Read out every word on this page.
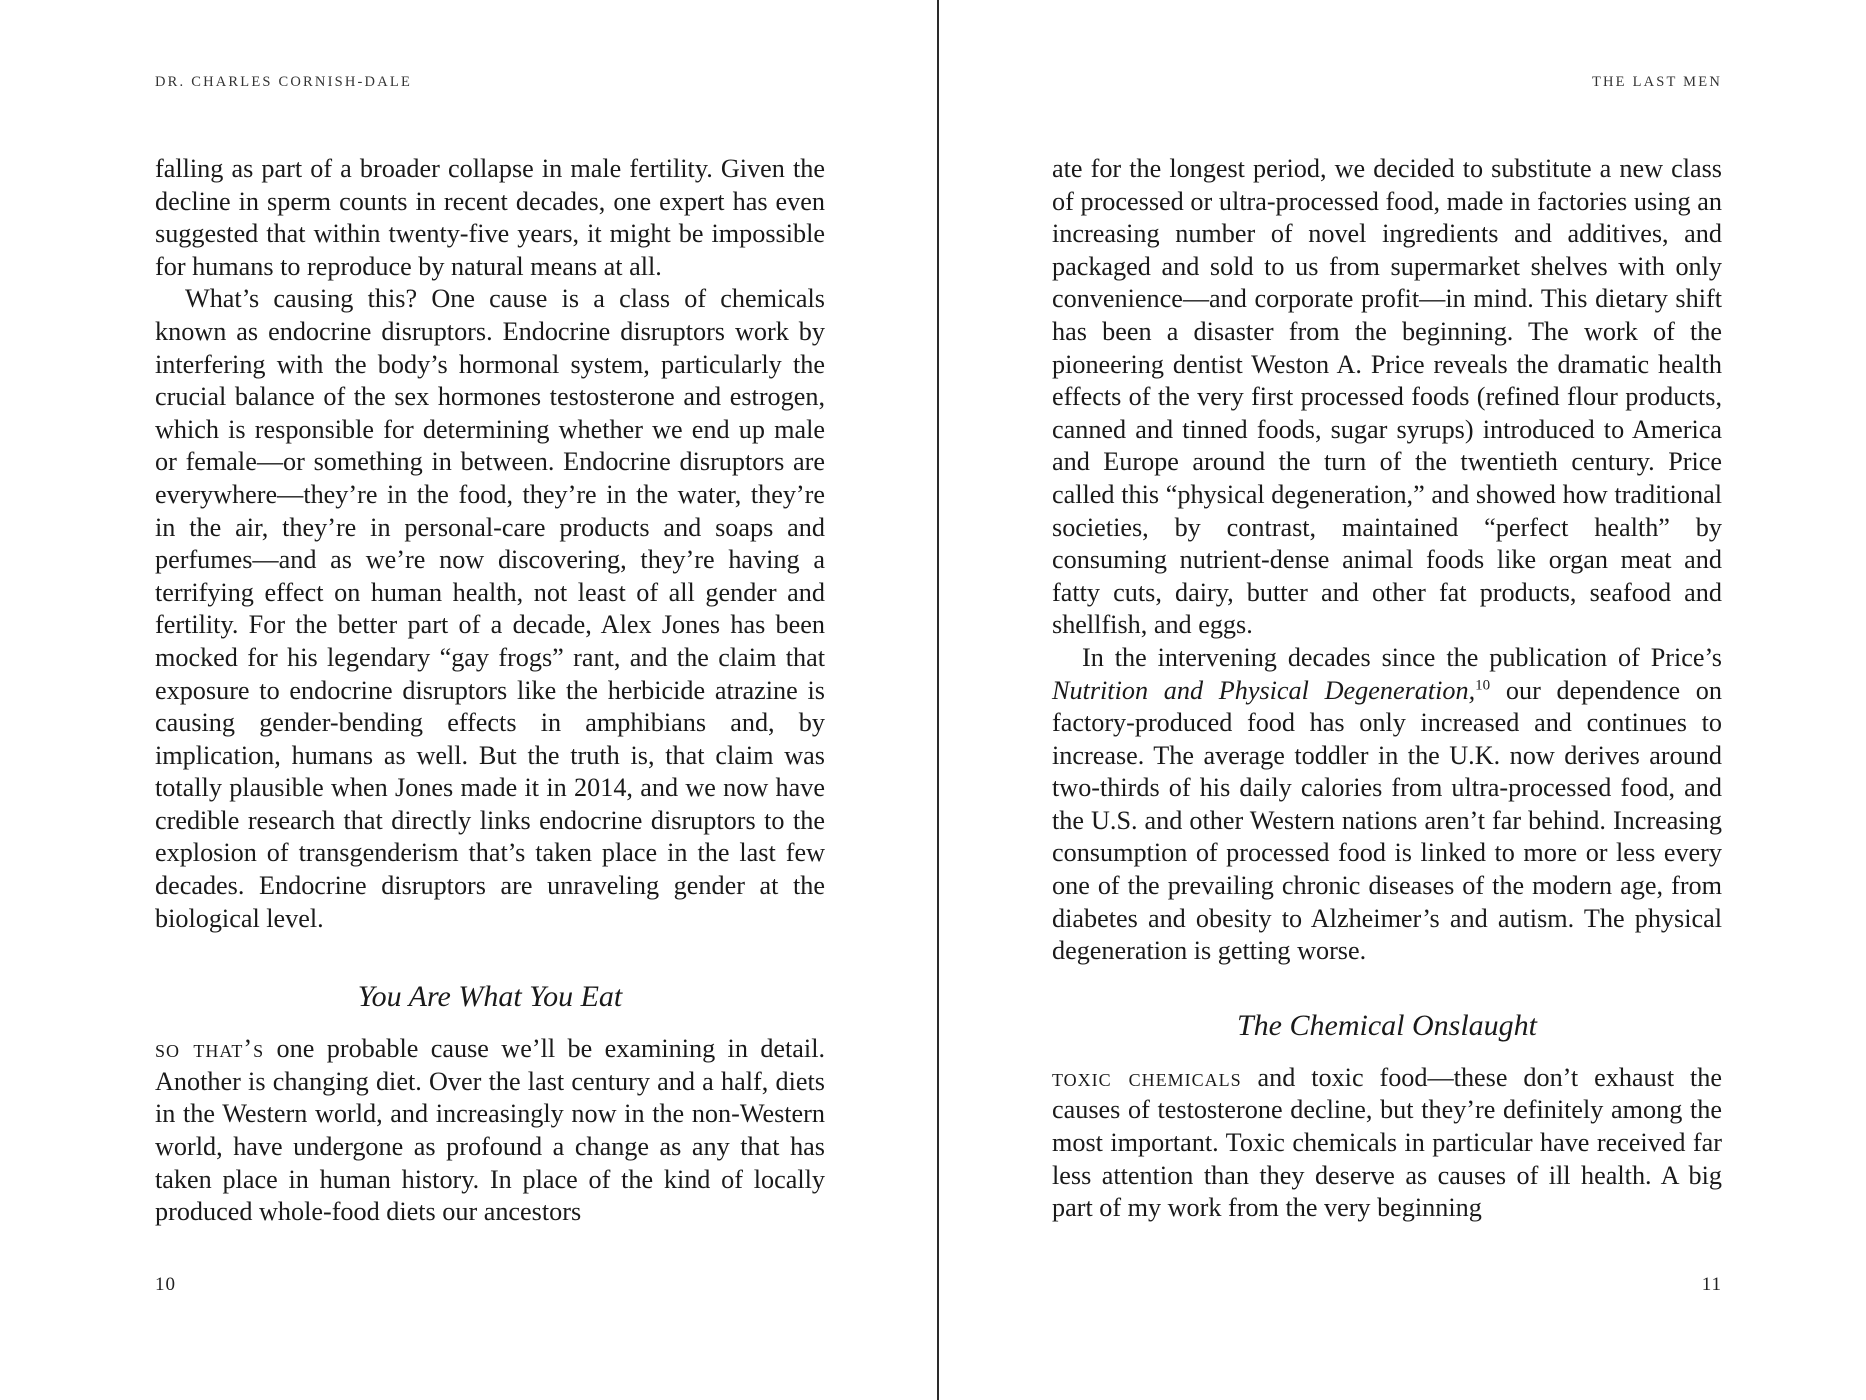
DR. CHARLES CORNISH-DALE

falling as part of a broader collapse in male fertility. Given the decline in sperm counts in recent decades, one expert has even suggested that within twenty-five years, it might be impossible for humans to reproduce by natural means at all.

What’s causing this? One cause is a class of chemicals known as endocrine disruptors. Endocrine disruptors work by interfering with the body’s hormonal system, particularly the crucial balance of the sex hormones testosterone and estrogen, which is responsible for determining whether we end up male or female—or something in between. Endocrine disruptors are everywhere—they’re in the food, they’re in the water, they’re in the air, they’re in personal-care products and soaps and perfumes—and as we’re now discovering, they’re having a terrifying effect on human health, not least of all gender and fertility. For the better part of a decade, Alex Jones has been mocked for his legendary “gay frogs” rant, and the claim that exposure to endocrine disruptors like the herbicide atrazine is causing gender-bending effects in amphibians and, by implication, humans as well. But the truth is, that claim was totally plausible when Jones made it in 2014, and we now have credible research that directly links endocrine disruptors to the explosion of transgenderism that’s taken place in the last few decades. Endocrine disruptors are unraveling gender at the biological level.

You Are What You Eat

so that’s one probable cause we’ll be examining in detail. Another is changing diet. Over the last century and a half, diets in the Western world, and increasingly now in the non-Western world, have undergone as profound a change as any that has taken place in human history. In place of the kind of locally produced whole-food diets our ancestors

10
THE LAST MEN

ate for the longest period, we decided to substitute a new class of processed or ultra-processed food, made in factories using an increasing number of novel ingredients and additives, and packaged and sold to us from supermarket shelves with only convenience—and corporate profit—in mind. This dietary shift has been a disaster from the beginning. The work of the pioneering dentist Weston A. Price reveals the dramatic health effects of the very first processed foods (refined flour products, canned and tinned foods, sugar syrups) introduced to America and Europe around the turn of the twentieth century. Price called this “physical degeneration,” and showed how traditional societies, by contrast, maintained “perfect health” by consuming nutrient-dense animal foods like organ meat and fatty cuts, dairy, butter and other fat products, seafood and shellfish, and eggs.

In the intervening decades since the publication of Price’s Nutrition and Physical Degeneration,$^{10}$ our dependence on factory-produced food has only increased and continues to increase. The average toddler in the U.K. now derives around two-thirds of his daily calories from ultra-processed food, and the U.S. and other Western nations aren’t far behind. Increasing consumption of processed food is linked to more or less every one of the prevailing chronic diseases of the modern age, from diabetes and obesity to Alzheimer’s and autism. The physical degeneration is getting worse.

The Chemical Onslaught

toxic chemicals and toxic food—these don’t exhaust the causes of testosterone decline, but they’re definitely among the most important. Toxic chemicals in particular have received far less attention than they deserve as causes of ill health. A big part of my work from the very beginning

11
